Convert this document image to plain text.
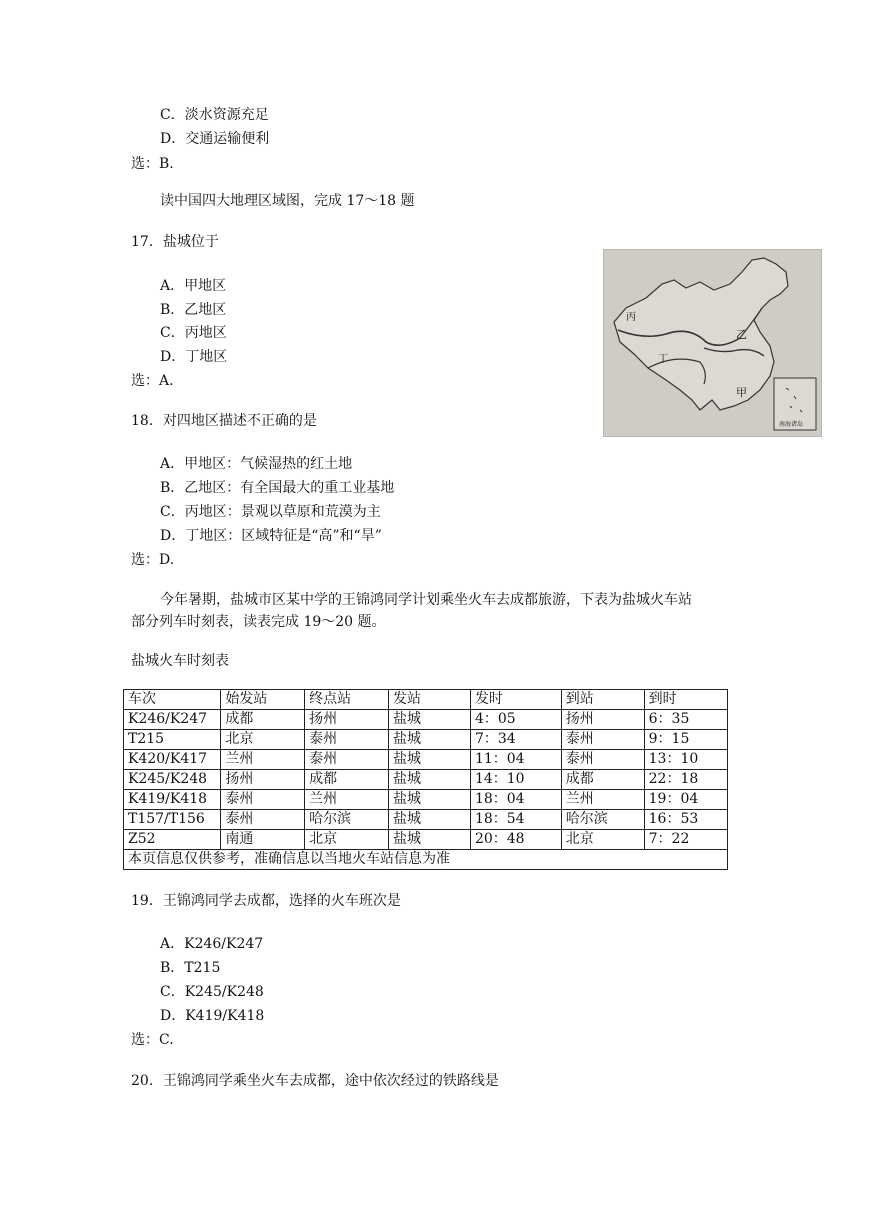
C．淡水资源充足
D．交通运输便利
选：B.
读中国四大地理区域图，完成 17～18 题
17．盐城位于
A．甲地区
B．乙地区
C．丙地区
D．丁地区
选：A.
丙
乙
丁
甲
南海诸岛
18．对四地区描述不正确的是
A．甲地区：气候湿热的红土地
B．乙地区：有全国最大的重工业基地
C．丙地区：景观以草原和荒漠为主
D．丁地区：区域特征是“高”和“旱”
选：D.
今年暑期，盐城市区某中学的王锦鸿同学计划乘坐火车去成都旅游，下表为盐城火车站
部分列车时刻表，读表完成 19～20 题。
盐城火车时刻表
车次	始发站	终点站	发站	发时	到站	到时
K246/K247	成都	扬州	盐城	4：05	扬州	6：35
T215	北京	泰州	盐城	7：34	泰州	9：15
K420/K417	兰州	泰州	盐城	11：04	泰州	13：10
K245/K248	扬州	成都	盐城	14：10	成都	22：18
K419/K418	泰州	兰州	盐城	18：04	兰州	19：04
T157/T156	泰州	哈尔滨	盐城	18：54	哈尔滨	16：53
Z52	南通	北京	盐城	20：48	北京	7：22
本页信息仅供参考，准确信息以当地火车站信息为准						
19．王锦鸿同学去成都，选择的火车班次是
A．K246/K247
B．T215
C．K245/K248
D．K419/K418
选：C.
20．王锦鸿同学乘坐火车去成都，途中依次经过的铁路线是
